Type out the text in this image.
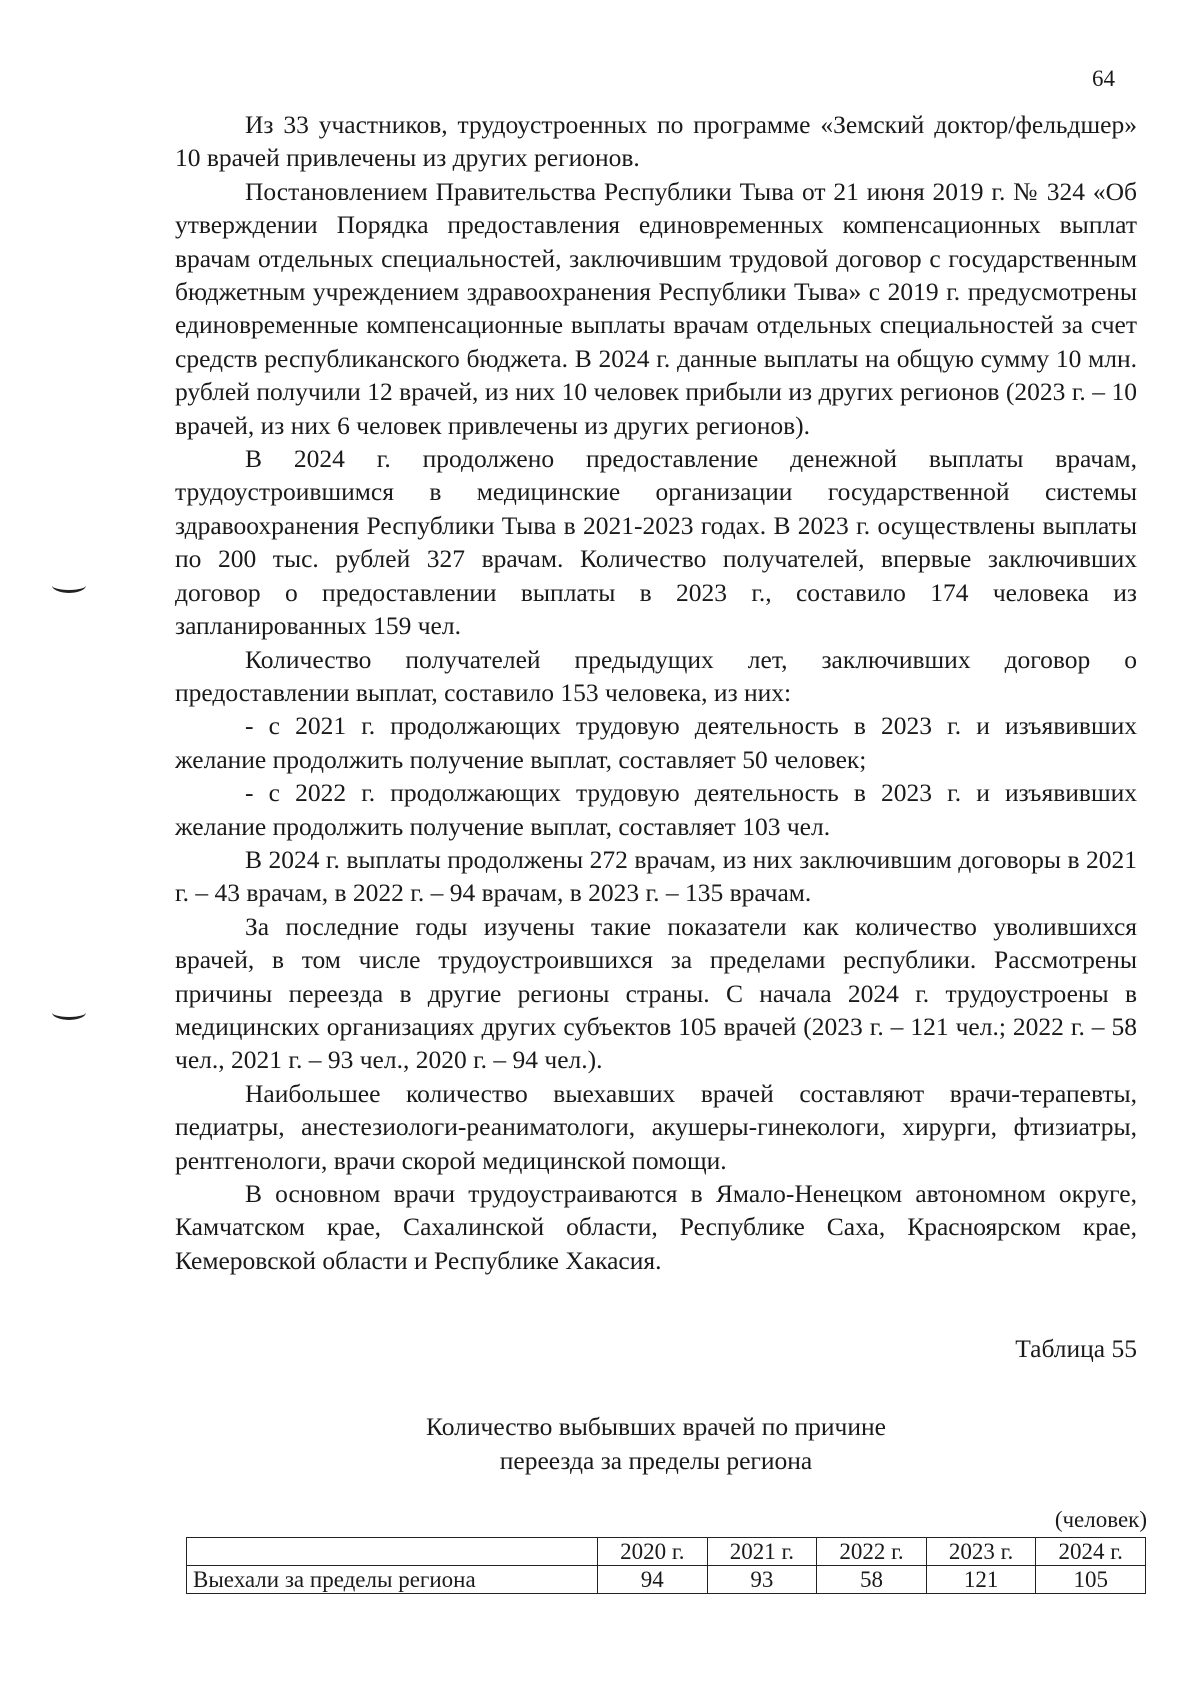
64

Из 33 участников, трудоустроенных по программе «Земский доктор/фельдшер» 10 врачей привлечены из других регионов.

Постановлением Правительства Республики Тыва от 21 июня 2019 г. № 324 «Об утверждении Порядка предоставления единовременных компенсационных выплат врачам отдельных специальностей, заключившим трудовой договор с государственным бюджетным учреждением здравоохранения Республики Тыва» с 2019 г. предусмотрены единовременные компенсационные выплаты врачам отдельных специальностей за счет средств республиканского бюджета. В 2024 г. данные выплаты на общую сумму 10 млн. рублей получили 12 врачей, из них 10 человек прибыли из других регионов (2023 г. – 10 врачей, из них 6 человек привлечены из других регионов).

В 2024 г. продолжено предоставление денежной выплаты врачам, трудоустроившимся в медицинские организации государственной системы здравоохранения Республики Тыва в 2021-2023 годах. В 2023 г. осуществлены выплаты по 200 тыс. рублей 327 врачам. Количество получателей, впервые заключивших договор о предоставлении выплаты в 2023 г., составило 174 человека из запланированных 159 чел.

Количество получателей предыдущих лет, заключивших договор о предоставлении выплат, составило 153 человека, из них:

- с 2021 г. продолжающих трудовую деятельность в 2023 г. и изъявивших желание продолжить получение выплат, составляет 50 человек;

- с 2022 г. продолжающих трудовую деятельность в 2023 г. и изъявивших желание продолжить получение выплат, составляет 103 чел.

В 2024 г. выплаты продолжены 272 врачам, из них заключившим договоры в 2021 г. – 43 врачам, в 2022 г. – 94 врачам, в 2023 г. – 135 врачам.

За последние годы изучены такие показатели как количество уволившихся врачей, в том числе трудоустроившихся за пределами республики. Рассмотрены причины переезда в другие регионы страны. С начала 2024 г. трудоустроены в медицинских организациях других субъектов 105 врачей (2023 г. – 121 чел.; 2022 г. – 58 чел., 2021 г. – 93 чел., 2020 г. – 94 чел.).

Наибольшее количество выехавших врачей составляют врачи-терапевты, педиатры, анестезиологи-реаниматологи, акушеры-гинекологи, хирурги, фтизиатры, рентгенологи, врачи скорой медицинской помощи.

В основном врачи трудоустраиваются в Ямало-Ненецком автономном округе, Камчатском крае, Сахалинской области, Республике Саха, Красноярском крае, Кемеровской области и Республике Хакасия.

Таблица 55
Количество выбывших врачей по причине
переезда за пределы региона
(человек)
	2020 г.	2021 г.	2022 г.	2023 г.	2024 г.
Выехали за пределы региона	94	93	58	121	105
